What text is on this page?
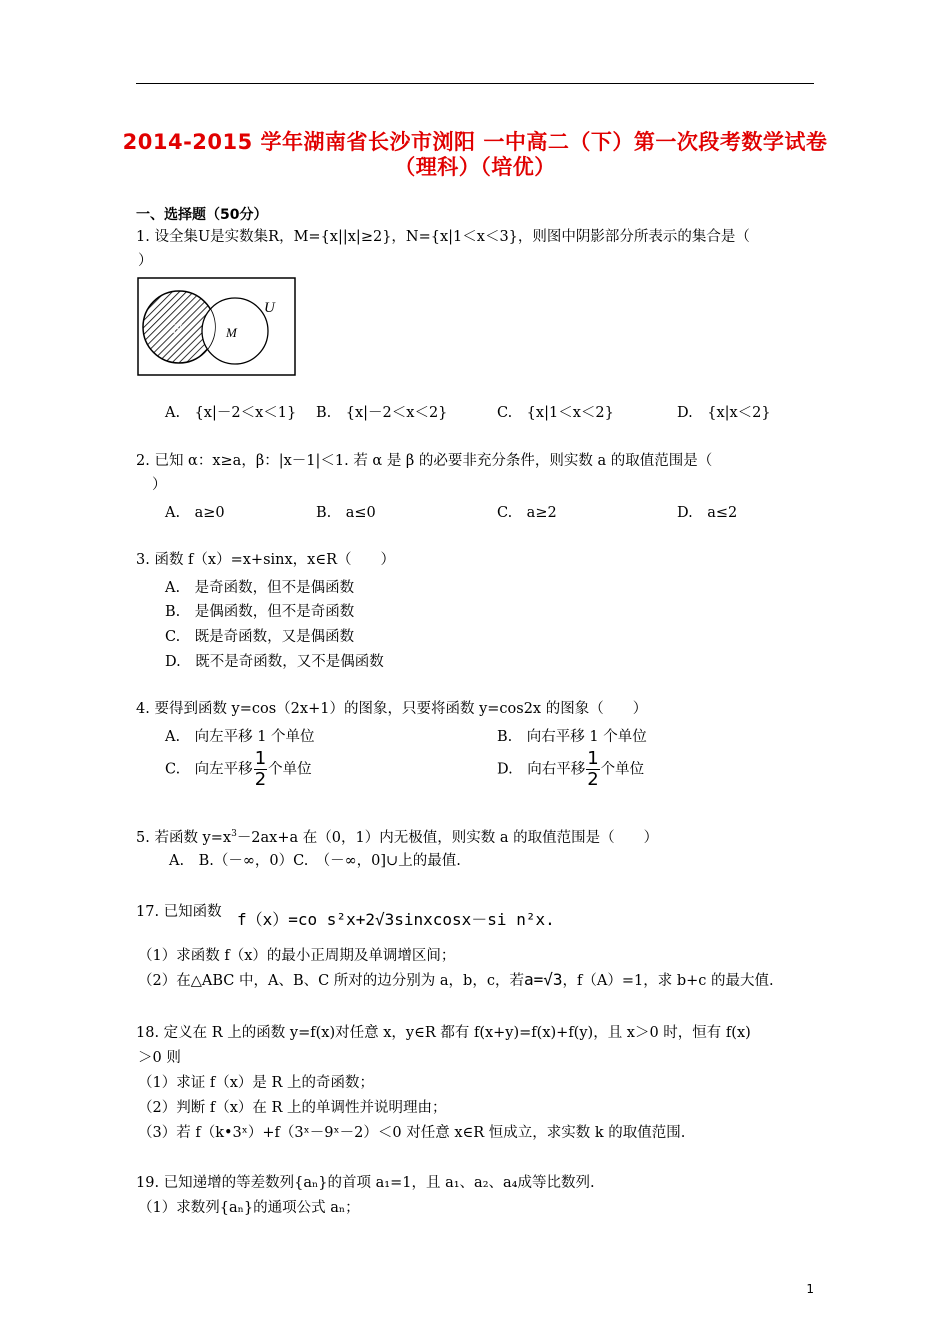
2014-2015 学年湖南省长沙市浏阳 一中高二（下）第一次段考数学试卷
（理科）（培优）
一、选择题（50分）
1. 设全集U是实数集R，M={x||x|≥2}，N={x|1＜x＜3}，则图中阴影部分所表示的集合是（
）
N	M
U
A.　{x|－2＜x＜1} B.　{x|－2＜x＜2}	C.　{x|1＜x＜2}	D.　{x|x＜2}
2. 已知 α：x≥a，β：|x－1|＜1. 若 α 是 β 的必要非充分条件，则实数 a 的取值范围是（
）
A.　a≥0	B.　a≤0	C.　a≥2	D.　a≤2
3. 函数 f（x）=x+sinx，x∈R（　　）
A.　是奇函数，但不是偶函数
B.　是偶函数，但不是奇函数
C.　既是奇函数，又是偶函数
D.　既不是奇函数，又不是偶函数
4. 要得到函数 y=cos（2x+1）的图象，只要将函数 y=cos2x 的图象（　　）
A.　向左平移 1 个单位	B.　向右平移 1 个单位
C.　向左平移 $\frac{1}{2}$ 个单位	D.　向右平移 $\frac{1}{2}$ 个单位
5. 若函数 $y=x^3-2ax+a$ 在（0，1）内无极值，则实数 a 的取值范围是（　　）
A.　B.（－∞，0）C.　（－∞，0]∪上的最值.
17. 已知函数 f（x）=co s²x+2√3sinxcosx－si n²x.
（1）求函数 f（x）的最小正周期及单调增区间；
（2）在△ABC 中，A、B、C 所对的边分别为 a，b，c，若a=√3，f（A）=1，求 b+c 的最大值.
18. 定义在 R 上的函数 y=f(x)对任意 x，y∈R 都有 f(x+y)=f(x)+f(y)，且 x＞0 时，恒有 f(x)
＞0 则
（1）求证 f（x）是 R 上的奇函数；
（2）判断 f（x）在 R 上的单调性并说明理由；
（3）若 f（k•3ˣ）+f（3ˣ－9ˣ－2）＜0 对任意 x∈R 恒成立，求实数 k 的取值范围.
19. 已知递增的等差数列{aₙ}的首项 a₁=1，且 a₁、a₂、a₄成等比数列.
（1）求数列{aₙ}的通项公式 aₙ；
1
